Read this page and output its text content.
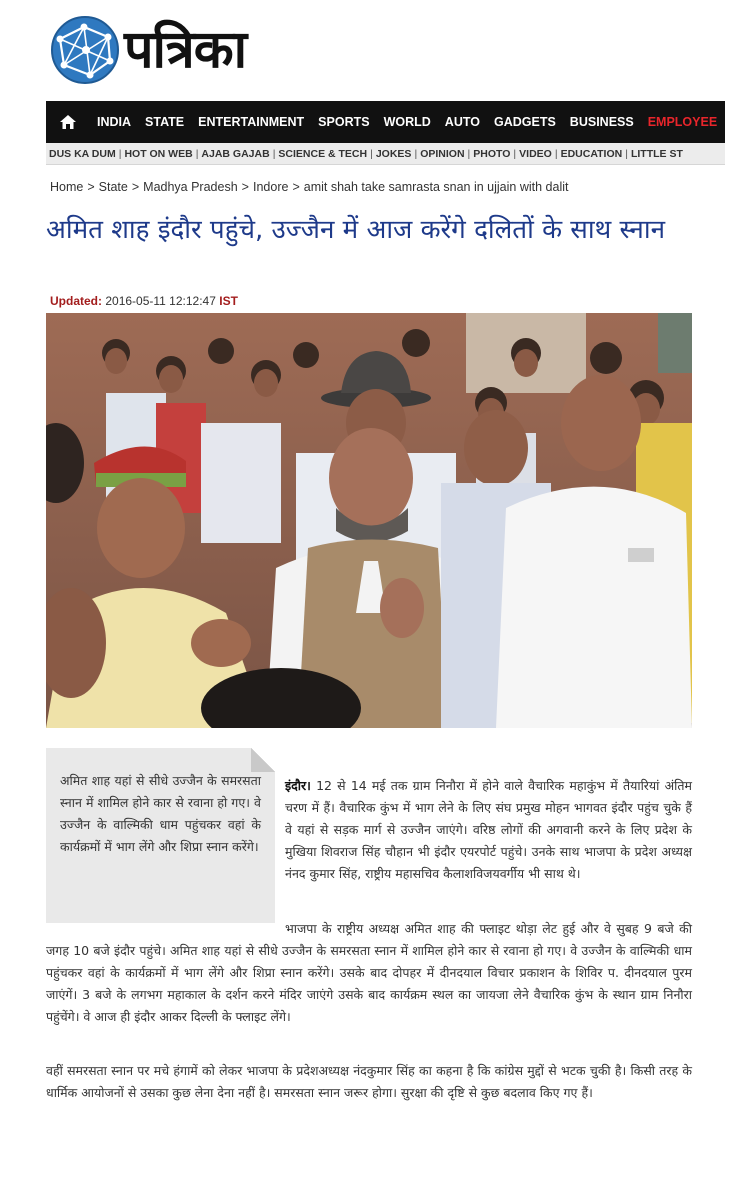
पत्रिका
INDIA	STATE	ENTERTAINMENT	SPORTS	WORLD	AUTO	GADGETS	BUSINESS	EMPLOYEE
DUS KA DUM | HOT ON WEB | AJAB GAJAB | SCIENCE & TECH | JOKES | OPINION | PHOTO | VIDEO | EDUCATION | LITTLE ST
Home > State > Madhya Pradesh > Indore > amit shah take samrasta snan in ujjain with dalit
अमित शाह इंदौर पहुंचे, उज्जैन में आज करेंगे दलितों के साथ स्नान
Updated: 2016-05-11 12:12:47 IST

अमित शाह यहां से सीधे उज्जैन के समरसता स्नान में शामिल होने कार से रवाना हो गए। वे उज्जैन के वाल्मिकी धाम पहुंचकर वहां के कार्यक्रमों में भाग लेंगे और शिप्रा स्नान करेंगे।

इंदौर। 12 से 14 मई तक ग्राम निनौरा में होने वाले वैचारिक महाकुंभ में तैयारियां अंतिम चरण में हैं। वैचारिक कुंभ में भाग लेने के लिए संघ प्रमुख मोहन भागवत इंदौर पहुंच चुके हैं वे यहां से सड़क मार्ग से उज्जैन जाएंगे। वरिष्ठ लोगों की अगवानी करने के लिए प्रदेश के मुखिया शिवराज सिंह चौहान भी इंदौर एयरपोर्ट पहुंचे। उनके साथ भाजपा के प्रदेश अध्यक्ष नंनद कुमार सिंह, राष्ट्रीय महासचिव कैलाशविजयवर्गीय भी साथ थे।

भाजपा के राष्ट्रीय अध्यक्ष अमित शाह की फ्लाइट थोड़ा लेट हुई और वे सुबह 9 बजे की जगह 10 बजे इंदौर पहुंचे। अमित शाह यहां से सीधे उज्जैन के समरसता स्नान में शामिल होने कार से रवाना हो गए। वे उज्जैन के वाल्मिकी धाम पहुंचकर वहां के कार्यक्रमों में भाग लेंगे और शिप्रा स्नान करेंगे। उसके बाद दोपहर में दीनदयाल विचार प्रकाशन के शिविर प. दीनदयाल पुरम जाएंगें। 3 बजे के लगभग महाकाल के दर्शन करने मंदिर जाएंगे उसके बाद कार्यक्रम स्थल का जायजा लेने वैचारिक कुंभ के स्थान ग्राम निनौरा पहुंचेंगे। वे आज ही इंदौर आकर दिल्ली के फ्लाइट लेंगे।

वहीं समरसता स्नान पर मचे हंगामें को लेकर भाजपा के प्रदेशअध्यक्ष नंदकुमार सिंह का कहना है कि कांग्रेस मुद्दों से भटक चुकी है। किसी तरह के धार्मिक आयोजनों से उसका कुछ लेना देना नहीं है। समरसता स्नान जरूर होगा। सुरक्षा की दृष्टि से कुछ बदलाव किए गए हैं।
